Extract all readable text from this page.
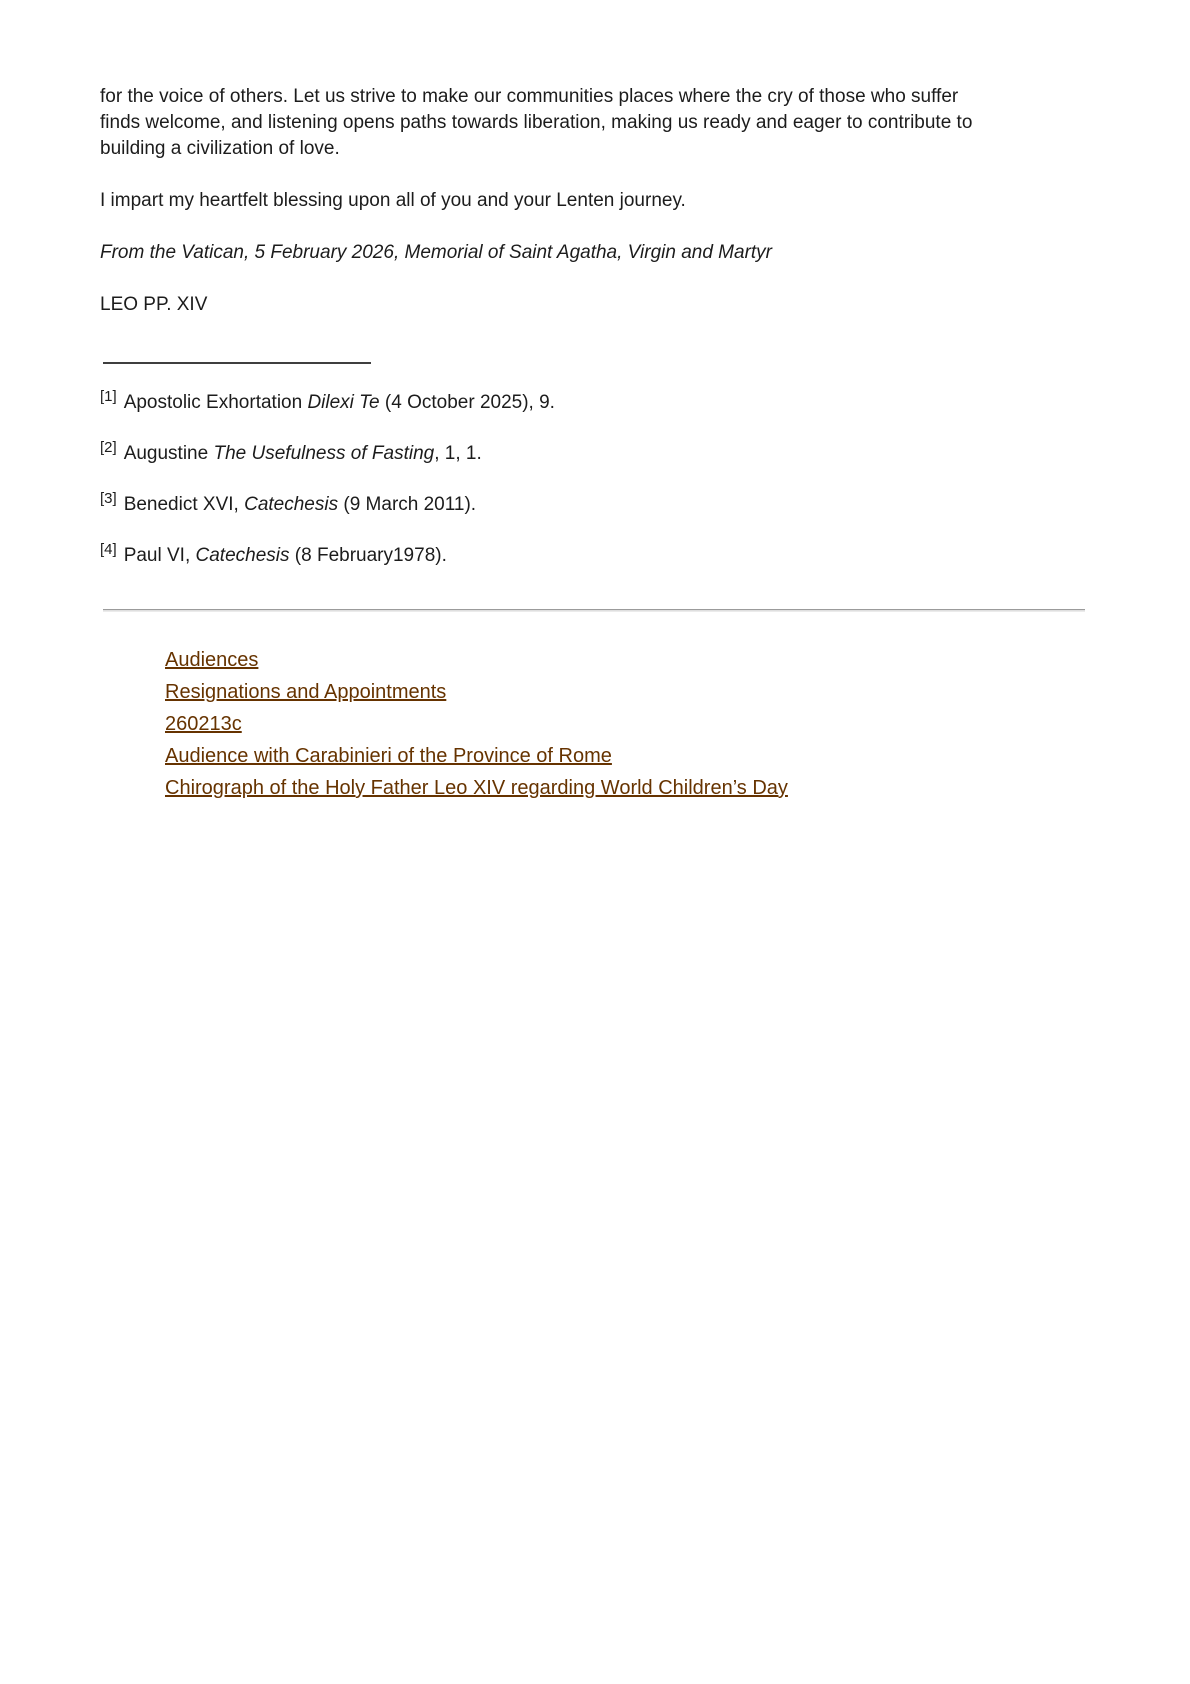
for the voice of others. Let us strive to make our communities places where the cry of those who suffer finds welcome, and listening opens paths towards liberation, making us ready and eager to contribute to building a civilization of love.

I impart my heartfelt blessing upon all of you and your Lenten journey.

From the Vatican, 5 February 2026, Memorial of Saint Agatha, Virgin and Martyr

LEO PP. XIV

[1] Apostolic Exhortation Dilexi Te (4 October 2025), 9.

[2] Augustine The Usefulness of Fasting, 1, 1.

[3] Benedict XVI, Catechesis (9 March 2011).

[4] Paul VI, Catechesis (8 February1978).

Audiences
Resignations and Appointments
260213c
Audience with Carabinieri of the Province of Rome
Chirograph of the Holy Father Leo XIV regarding World Children’s Day
